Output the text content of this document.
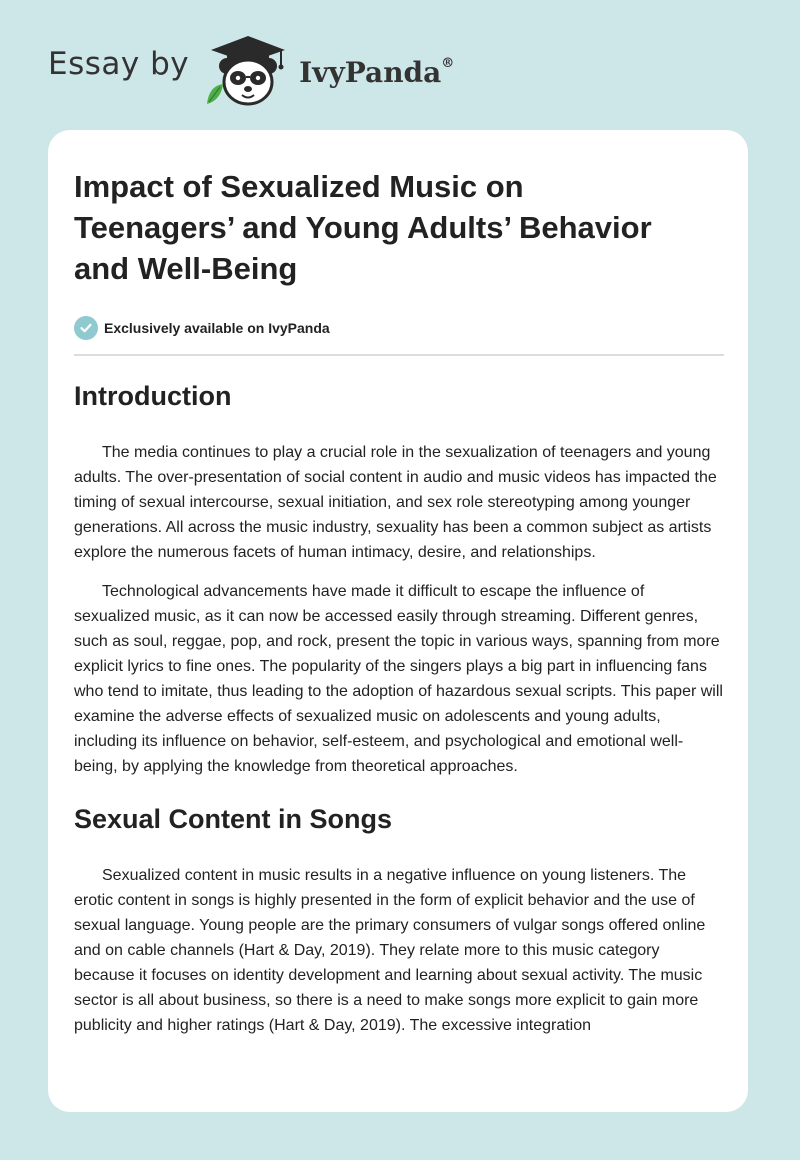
Essay by	IvyPanda®
Impact of Sexualized Music on
Teenagers’ and Young Adults’ Behavior
and Well-Being
Exclusively available on IvyPanda
Introduction

The media continues to play a crucial role in the sexualization of teenagers and young adults. The over-presentation of social content in audio and music videos has impacted the timing of sexual intercourse, sexual initiation, and sex role stereotyping among younger generations. All across the music industry, sexuality has been a common subject as artists explore the numerous facets of human intimacy, desire, and relationships.

Technological advancements have made it difficult to escape the influence of sexualized music, as it can now be accessed easily through streaming. Different genres, such as soul, reggae, pop, and rock, present the topic in various ways, spanning from more explicit lyrics to fine ones. The popularity of the singers plays a big part in influencing fans who tend to imitate, thus leading to the adoption of hazardous sexual scripts. This paper will examine the adverse effects of sexualized music on adolescents and young adults, including its influence on behavior, self-esteem, and psychological and emotional well-being, by applying the knowledge from theoretical approaches.

Sexual Content in Songs

Sexualized content in music results in a negative influence on young listeners. The erotic content in songs is highly presented in the form of explicit behavior and the use of sexual language. Young people are the primary consumers of vulgar songs offered online and on cable channels (Hart & Day, 2019). They relate more to this music category because it focuses on identity development and learning about sexual activity. The music sector is all about business, so there is a need to make songs more explicit to gain more publicity and higher ratings (Hart & Day, 2019). The excessive integration
